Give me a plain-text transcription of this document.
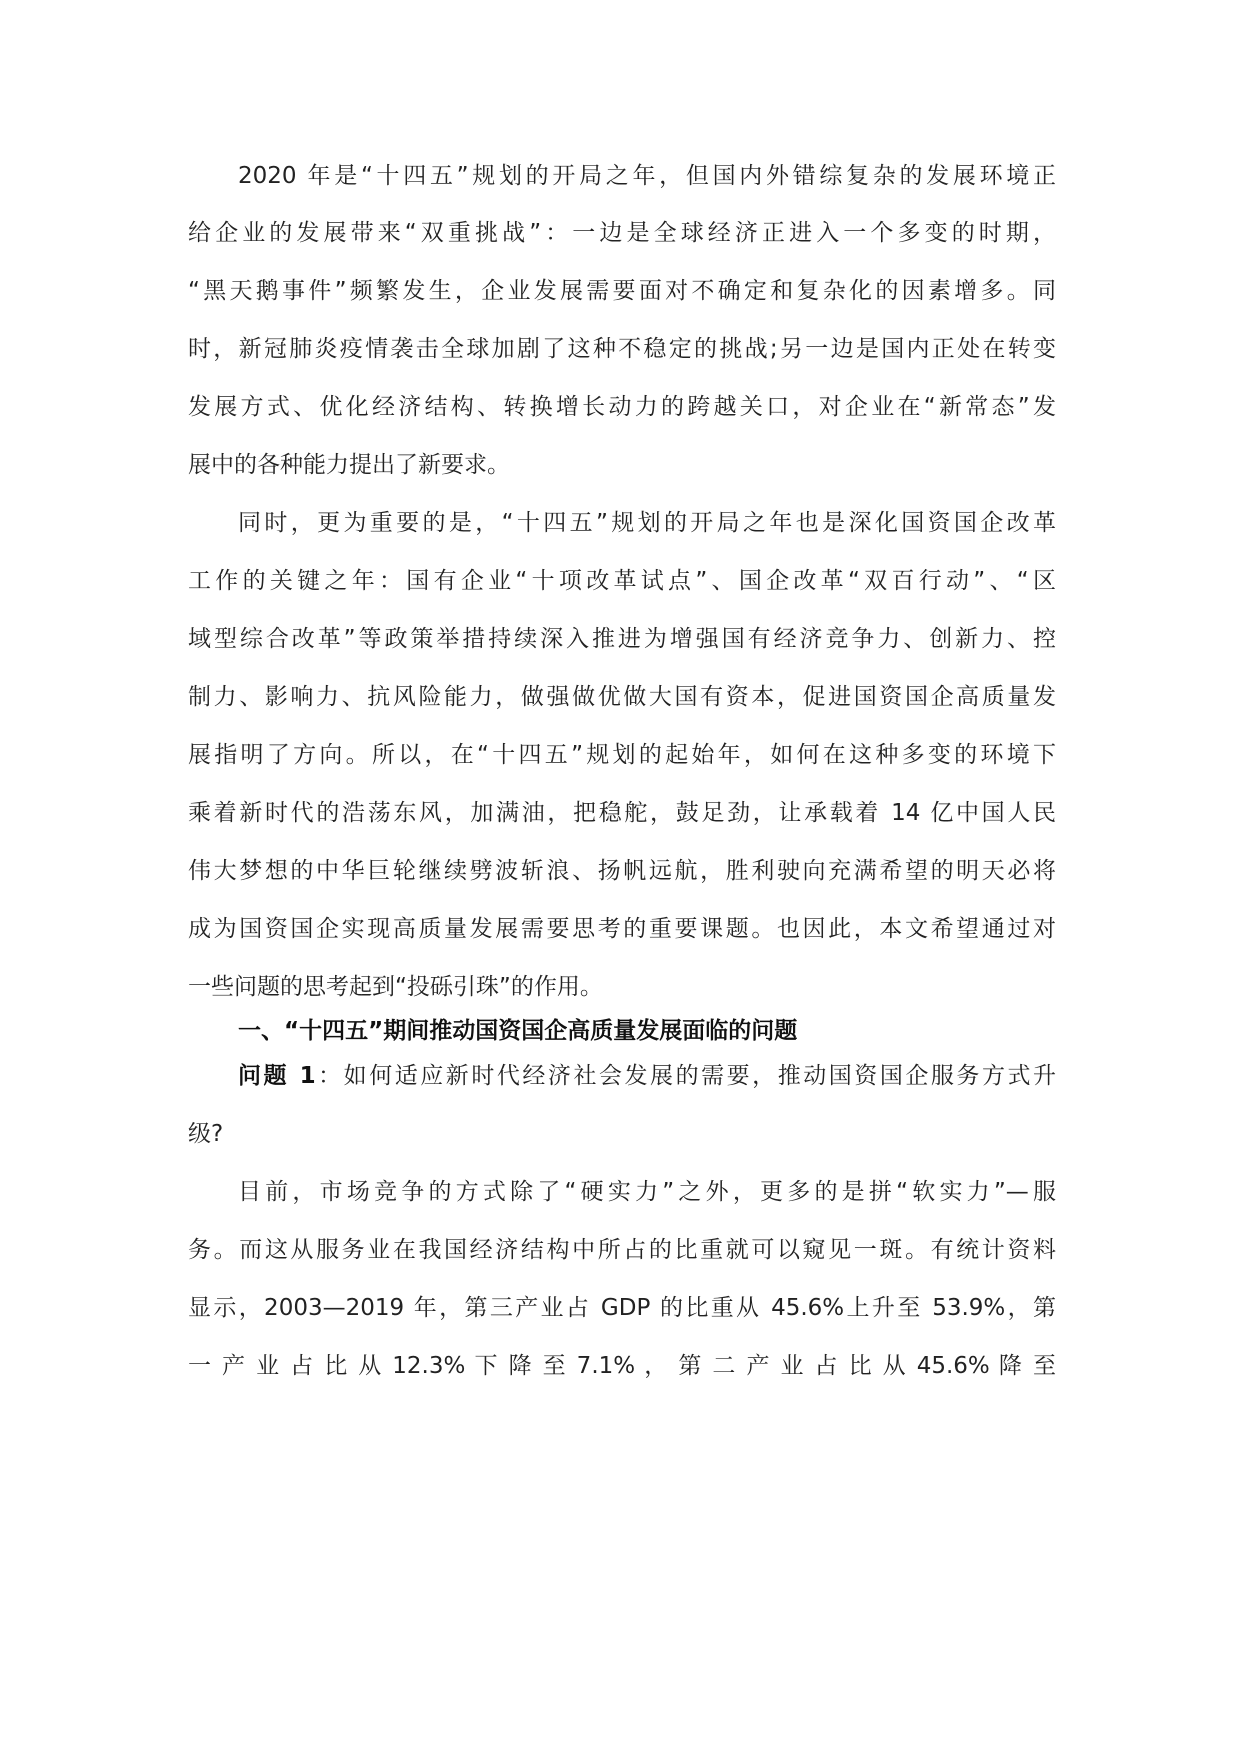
2020 年是“十四五”规划的开局之年，但国内外错综复杂的发展环境正
给企业的发展带来“双重挑战”：一边是全球经济正进入一个多变的时期，
“黑天鹅事件”频繁发生，企业发展需要面对不确定和复杂化的因素增多。同
时，新冠肺炎疫情袭击全球加剧了这种不稳定的挑战;另一边是国内正处在转变
发展方式、优化经济结构、转换增长动力的跨越关口，对企业在“新常态”发
展中的各种能力提出了新要求。
同时，更为重要的是，“十四五”规划的开局之年也是深化国资国企改革
工作的关键之年：国有企业“十项改革试点”、国企改革“双百行动”、“区
域型综合改革”等政策举措持续深入推进为增强国有经济竞争力、创新力、控
制力、影响力、抗风险能力，做强做优做大国有资本，促进国资国企高质量发
展指明了方向。所以，在“十四五”规划的起始年，如何在这种多变的环境下
乘着新时代的浩荡东风，加满油，把稳舵，鼓足劲，让承载着 14 亿中国人民
伟大梦想的中华巨轮继续劈波斩浪、扬帆远航，胜利驶向充满希望的明天必将
成为国资国企实现高质量发展需要思考的重要课题。也因此，本文希望通过对
一些问题的思考起到“投砾引珠”的作用。
一、“十四五”期间推动国资国企高质量发展面临的问题
问题 1：如何适应新时代经济社会发展的需要，推动国资国企服务方式升
级?
目前，市场竞争的方式除了“硬实力”之外，更多的是拼“软实力”—服
务。而这从服务业在我国经济结构中所占的比重就可以窥见一斑。有统计资料
显示，2003—2019 年，第三产业占 GDP 的比重从 45.6%上升至 53.9%，第
一 产 业 占 比 从 12.3% 下 降 至 7.1% ， 第 二 产 业 占 比 从 45.6% 降 至
